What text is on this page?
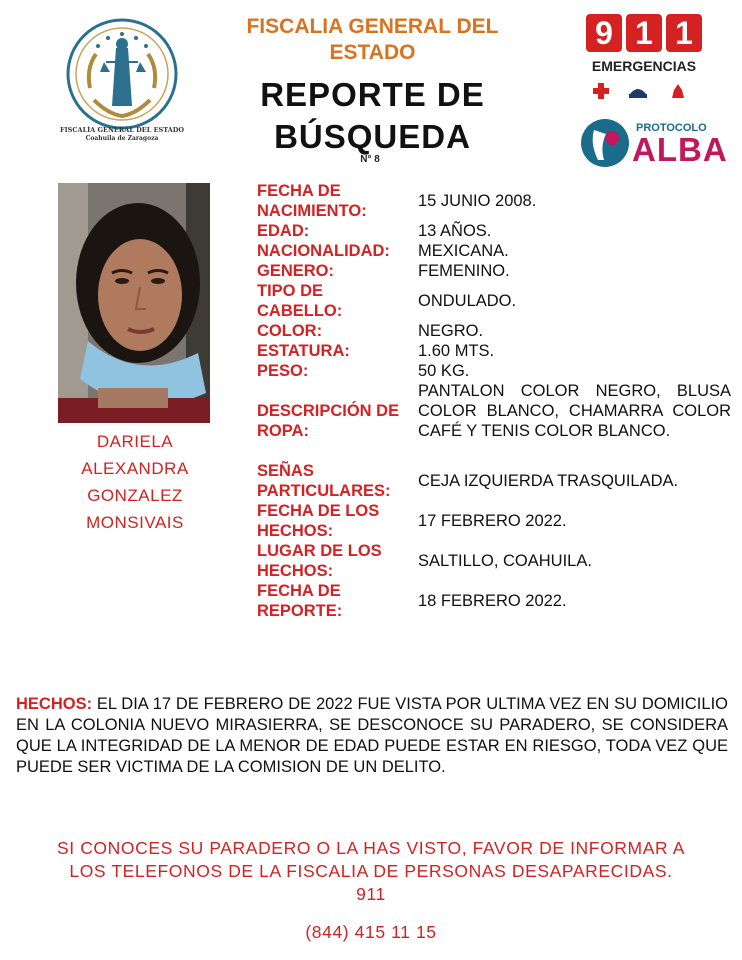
FISCALÍA GENERAL DEL ESTADO
Coahuila de Zaragoza
FISCALIA GENERAL DEL
ESTADO
REPORTE DE
BÚSQUEDA
N° 8
9 1 1
EMERGENCIAS
PROTOCOLO
ALBA
DARIELA
ALEXANDRA
GONZALEZ
MONSIVAIS
FECHA DE
NACIMIENTO:
15 JUNIO 2008.
EDAD:	13 AÑOS.
NACIONALIDAD: MEXICANA.
GENERO:	FEMENINO.
TIPO DE
CABELLO:
ONDULADO.
COLOR:	NEGRO.
ESTATURA:	1.60 MTS.
PESO:	50 KG.
DESCRIPCIÓN DE
ROPA:
PANTALON COLOR NEGRO, BLUSA COLOR BLANCO, CHAMARRA COLOR CAFÉ Y TENIS COLOR BLANCO.
SEÑAS
PARTICULARES:
CEJA IZQUIERDA TRASQUILADA.
FECHA DE LOS
HECHOS:
17 FEBRERO 2022.
LUGAR DE LOS
HECHOS:
SALTILLO, COAHUILA.
FECHA DE
REPORTE:
18 FEBRERO 2022.
HECHOS: EL DIA 17 DE FEBRERO DE 2022 FUE VISTA POR ULTIMA VEZ EN SU DOMICILIO EN LA COLONIA NUEVO MIRASIERRA, SE DESCONOCE SU PARADERO, SE CONSIDERA QUE LA INTEGRIDAD DE LA MENOR DE EDAD PUEDE ESTAR EN RIESGO, TODA VEZ QUE PUEDE SER VICTIMA DE LA COMISION DE UN DELITO.
SI CONOCES SU PARADERO O LA HAS VISTO, FAVOR DE INFORMAR A
LOS TELEFONOS DE LA FISCALIA DE PERSONAS DESAPARECIDAS.
911
(844) 415 11 15
